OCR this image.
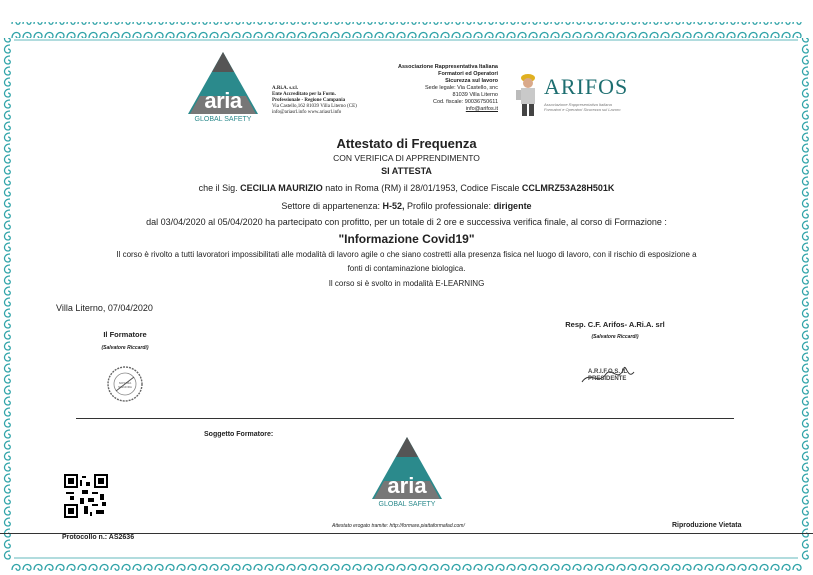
aria
GLOBAL SAFETY
A.Ri.A. s.r.l.
Ente Accreditato per la Form.
Professionale - Regione Campania
Via Castello,162 81039 Villa Literno (CE)
info@ariasrl.info www.ariasrl.info
Associazione Rappresentativa Italiana
Formatori ed Operatori
Sicurezza sul lavoro
Sede legale: Via Castello, snc
81039 Villa Literno
Cod. fiscale: 90036750611
info@arifos.it
ARIFOS
Associazione Rappresentativa Italiana
Formatori e Operatori Sicurezza sul Lavoro
Attestato di Frequenza
CON VERIFICA DI APPRENDIMENTO
SI ATTESTA
che il Sig. CECILIA MAURIZIO nato in Roma (RM) il 28/01/1953, Codice Fiscale CCLMRZ53A28H501K
Settore di appartenenza: H-52, Profilo professionale: dirigente
dal 03/04/2020 al 05/04/2020 ha partecipato con profitto, per un totale di 2 ore e successiva verifica finale, al corso di Formazione :
"Informazione Covid19"
Il corso è rivolto a tutti lavoratori impossibilitati alle modalità di lavoro agile o che siano costretti alla presenza fisica nel luogo di lavoro, con il rischio di esposizione a
fonti di contaminazione biologica.
Il corso si è svolto in modalità E-LEARNING
Villa Literno, 07/04/2020
Il Formatore
(Salvatore Riccardi)
NOSTRA SIGNORA
Resp. C.F. Arifos- A.Ri.A. srl
(Salvatore Riccardi)
A.R.I.F.O.S. IL PRESIDENTE
Soggetto Formatore:
aria
GLOBAL SAFETY
Attestato erogato tramite: http://formare.piattaformafad.com/
Protocollo n.: AS2636
Riproduzione Vietata
